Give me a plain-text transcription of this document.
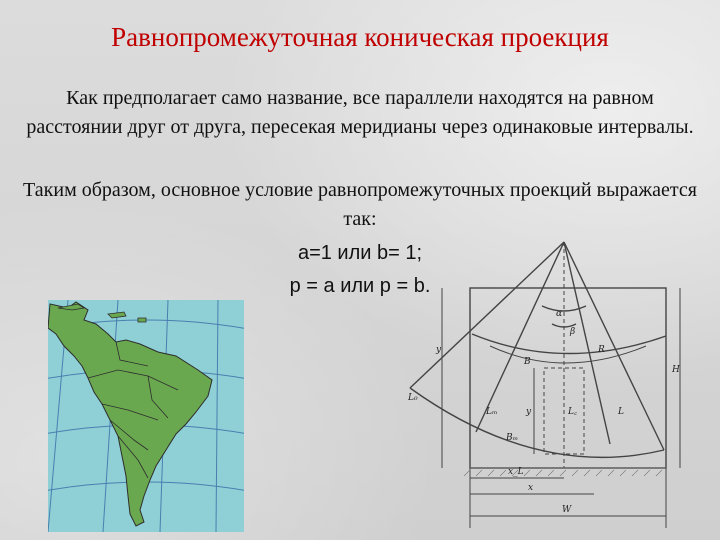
Равнопромежуточная коническая проекция
Как предполагает само название, все параллели находятся на равном расстоянии друг от друга, пересекая меридианы через одинаковые интервалы.
Таким образом, основное условие равнопромежуточных проекций выражается так:
a=1 или b= 1;
p = a или p = b.
α
β
R
B
y
y
H
L₀
Lₘ	L꜀	L
Bₘ
x_L
x
W
